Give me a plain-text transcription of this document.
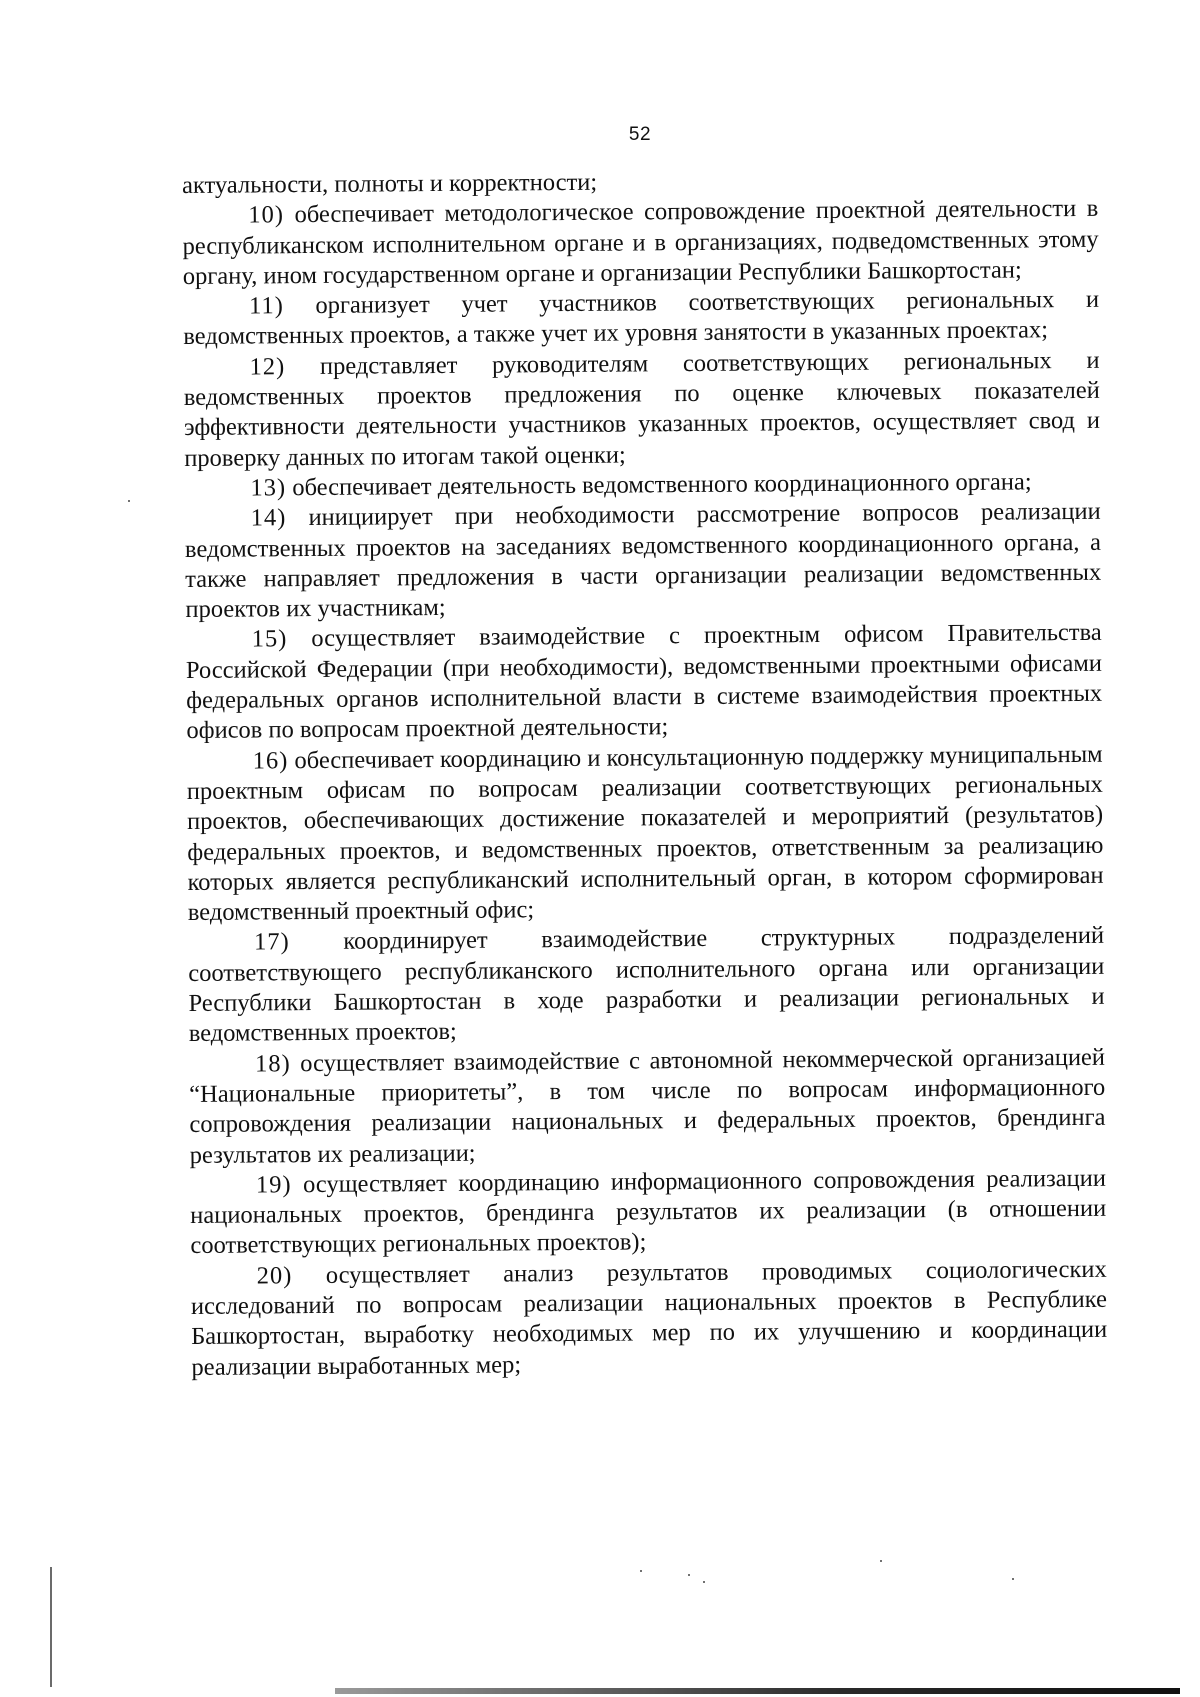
52

актуальности, полноты и корректности;

10) обеспечивает методологическое сопровождение проектной деятельности в республиканском исполнительном органе и в организациях, подведомственных этому органу, ином государственном органе и организации Республики Башкортостан;

11) организует учет участников соответствующих региональных и ведомственных проектов, а также учет их уровня занятости в указанных проектах;

12) представляет руководителям соответствующих региональных и ведомственных проектов предложения по оценке ключевых показателей эффективности деятельности участников указанных проектов, осуществляет свод и проверку данных по итогам такой оценки;

13) обеспечивает деятельность ведомственного координационного органа;

14) инициирует при необходимости рассмотрение вопросов реализации ведомственных проектов на заседаниях ведомственного координационного органа, а также направляет предложения в части организации реализации ведомственных проектов их участникам;

15) осуществляет взаимодействие с проектным офисом Правительства Российской Федерации (при необходимости), ведомственными проектными офисами федеральных органов исполнительной власти в системе взаимодействия проектных офисов по вопросам проектной деятельности;

16) обеспечивает координацию и консультационную поддержку муниципальным проектным офисам по вопросам реализации соответствующих региональных проектов, обеспечивающих достижение показателей и мероприятий (результатов) федеральных проектов, и ведомственных проектов, ответственным за реализацию которых является республиканский исполнительный орган, в котором сформирован ведомственный проектный офис;

17) координирует взаимодействие структурных подразделений соответствующего республиканского исполнительного органа или организации Республики Башкортостан в ходе разработки и реализации региональных и ведомственных проектов;

18) осуществляет взаимодействие с автономной некоммерческой организацией “Национальные приоритеты”, в том числе по вопросам информационного сопровождения реализации национальных и федеральных проектов, брендинга результатов их реализации;

19) осуществляет координацию информационного сопровождения реализации национальных проектов, брендинга результатов их реализации (в отношении соответствующих региональных проектов);

20) осуществляет анализ результатов проводимых социологических исследований по вопросам реализации национальных проектов в Республике Башкортостан, выработку необходимых мер по их улучшению и координации реализации выработанных мер;
